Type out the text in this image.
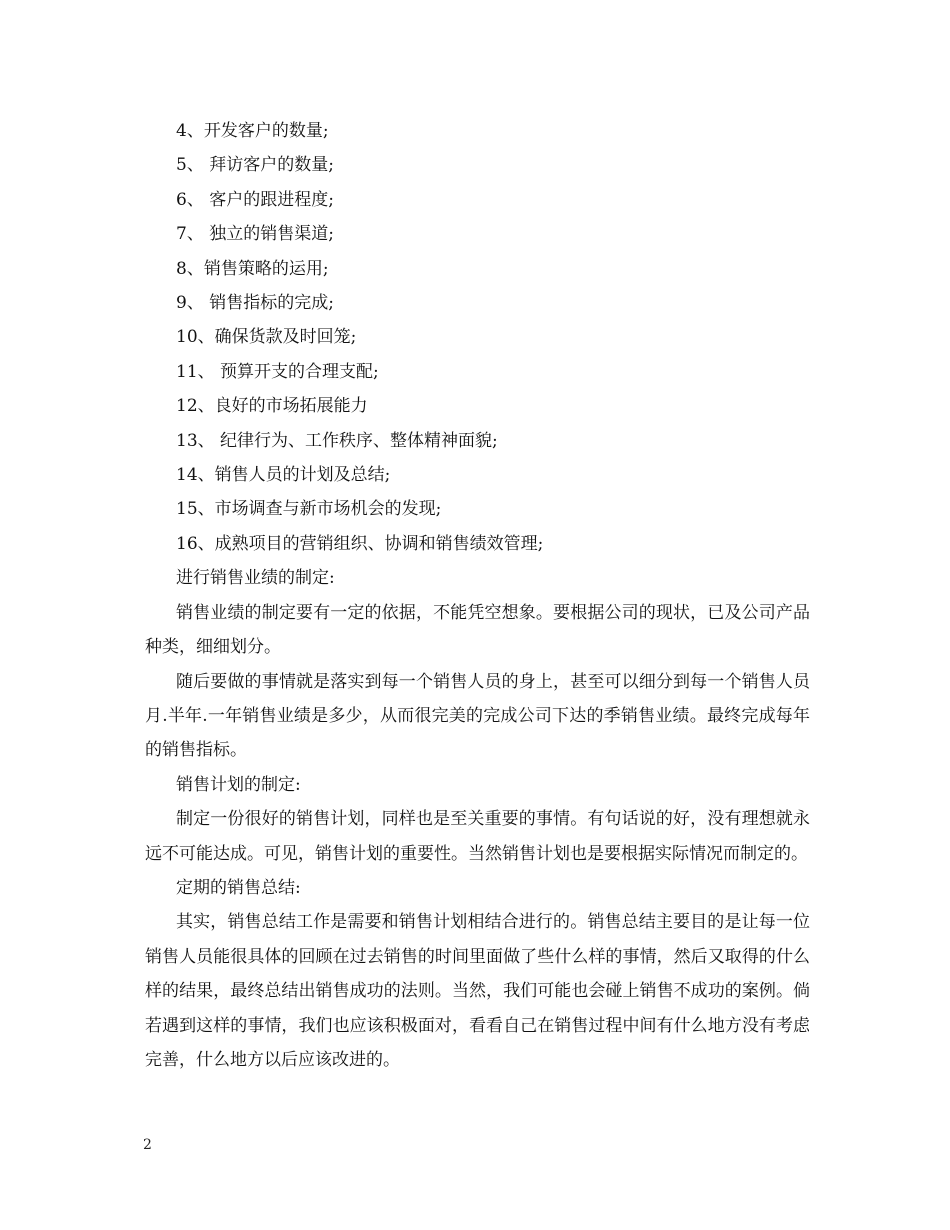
4、开发客户的数量;

5、 拜访客户的数量;

6、 客户的跟进程度;

7、 独立的销售渠道;

8、销售策略的运用;

9、 销售指标的完成;

10、确保货款及时回笼;

11、 预算开支的合理支配;

12、良好的市场拓展能力

13、 纪律行为、工作秩序、整体精神面貌;

14、销售人员的计划及总结;

15、市场调查与新市场机会的发现;

16、成熟项目的营销组织、协调和销售绩效管理;

进行销售业绩的制定:

销售业绩的制定要有一定的依据，不能凭空想象。要根据公司的现状，已及公司产品种类，细细划分。

随后要做的事情就是落实到每一个销售人员的身上，甚至可以细分到每一个销售人员月.半年.一年销售业绩是多少，从而很完美的完成公司下达的季销售业绩。最终完成每年的销售指标。

销售计划的制定:

制定一份很好的销售计划，同样也是至关重要的事情。有句话说的好，没有理想就永远不可能达成。可见，销售计划的重要性。当然销售计划也是要根据实际情况而制定的。

定期的销售总结:

其实，销售总结工作是需要和销售计划相结合进行的。销售总结主要目的是让每一位销售人员能很具体的回顾在过去销售的时间里面做了些什么样的事情，然后又取得的什么样的结果，最终总结出销售成功的法则。当然，我们可能也会碰上销售不成功的案例。倘若遇到这样的事情，我们也应该积极面对，看看自己在销售过程中间有什么地方没有考虑完善，什么地方以后应该改进的。

2
